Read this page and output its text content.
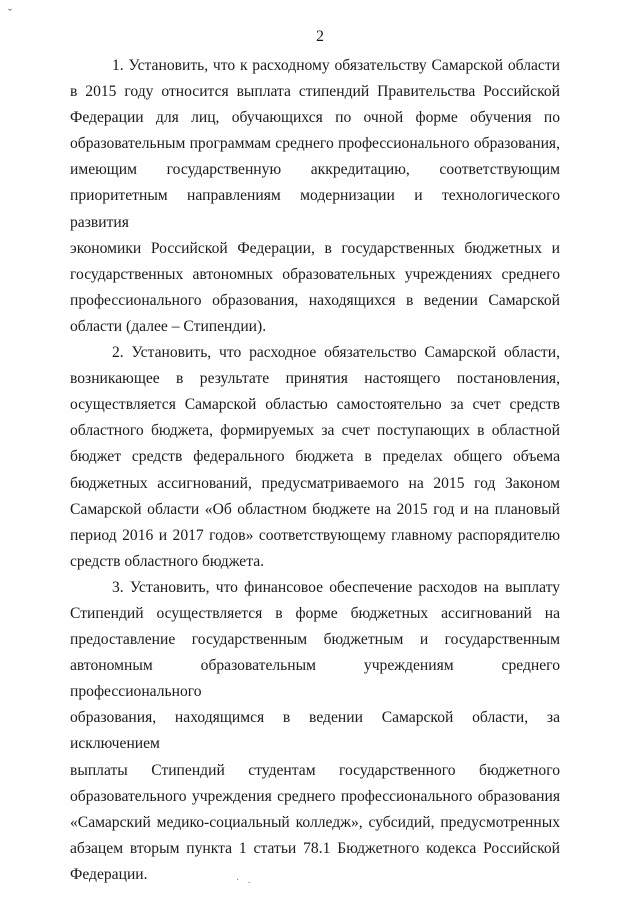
ˇ
2

1. Установить, что к расходному обязательству Самарской области
в 2015 году относится выплата стипендий Правительства Российской
Федерации для лиц, обучающихся по очной форме обучения по
образовательным программам среднего профессионального образования,
имеющим государственную аккредитацию, соответствующим
приоритетным направлениям модернизации и технологического развития
экономики Российской Федерации, в государственных бюджетных и
государственных автономных образовательных учреждениях среднего
профессионального образования, находящихся в ведении Самарской
области (далее – Стипендии).

2. Установить, что расходное обязательство Самарской области,
возникающее в результате принятия настоящего постановления,
осуществляется Самарской областью самостоятельно за счет средств
областного бюджета, формируемых за счет поступающих в областной
бюджет средств федерального бюджета в пределах общего объема
бюджетных ассигнований, предусматриваемого на 2015 год Законом
Самарской области «Об областном бюджете на 2015 год и на плановый
период 2016 и 2017 годов» соответствующему главному распорядителю
средств областного бюджета.

3. Установить, что финансовое обеспечение расходов на выплату
Стипендий осуществляется в форме бюджетных ассигнований на
предоставление государственным бюджетным и государственным
автономным образовательным учреждениям среднего профессионального
образования, находящимся в ведении Самарской области, за исключением
выплаты Стипендий студентам государственного бюджетного
образовательного учреждения среднего профессионального образования
«Самарский медико-социальный колледж», субсидий, предусмотренных
абзацем вторым пункта 1 статьи 78.1 Бюджетного кодекса Российской
Федерации.	· .
